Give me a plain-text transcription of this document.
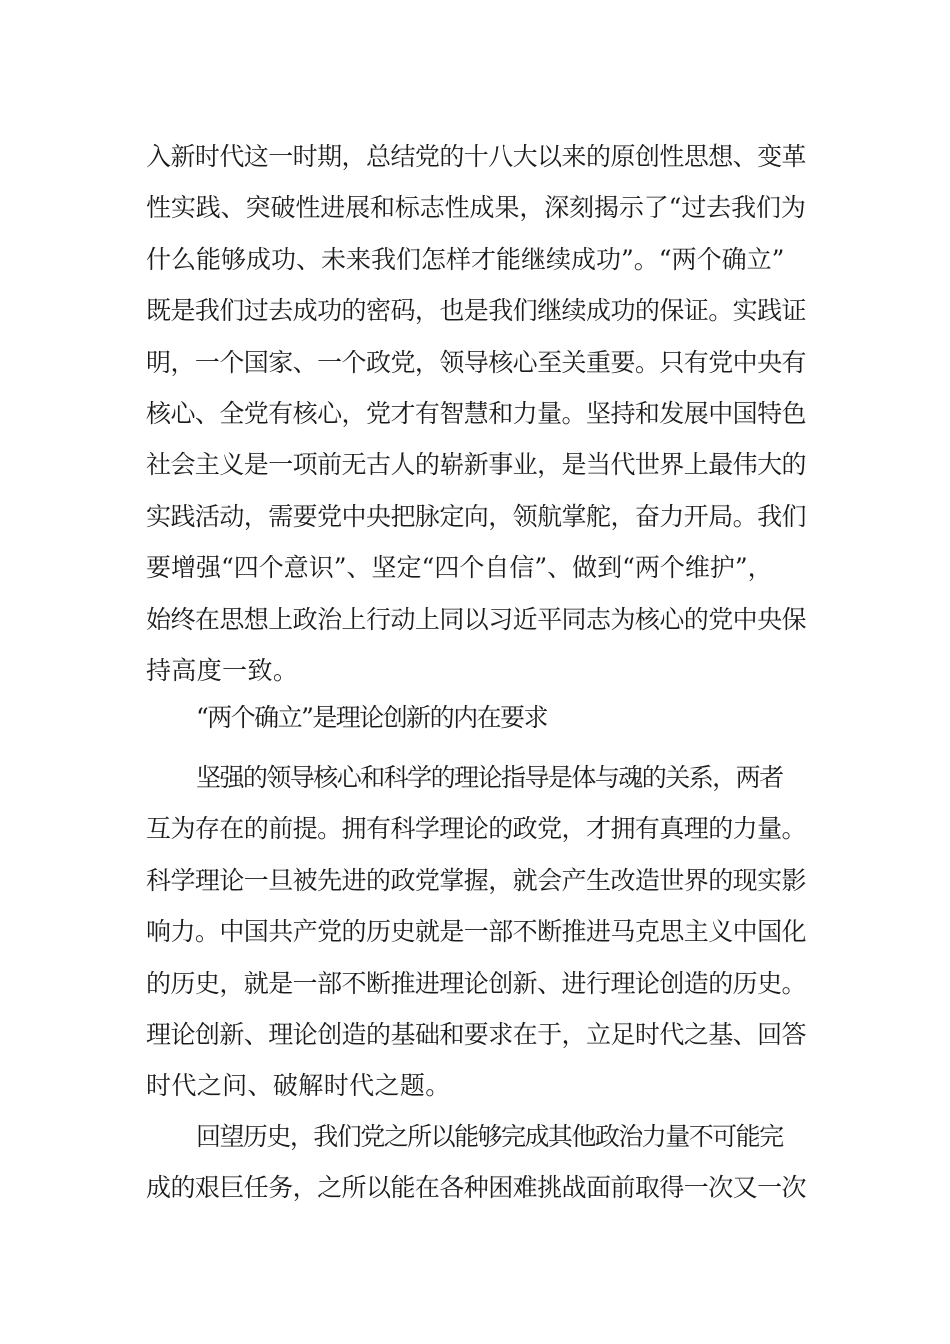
入新时代这一时期，总结党的十八大以来的原创性思想、变革
性实践、突破性进展和标志性成果，深刻揭示了“过去我们为
什么能够成功、未来我们怎样才能继续成功”。“两个确立”
既是我们过去成功的密码，也是我们继续成功的保证。实践证
明，一个国家、一个政党，领导核心至关重要。只有党中央有
核心、全党有核心，党才有智慧和力量。坚持和发展中国特色
社会主义是一项前无古人的崭新事业，是当代世界上最伟大的
实践活动，需要党中央把脉定向，领航掌舵，奋力开局。我们
要增强“四个意识”、坚定“四个自信”、做到“两个维护”，
始终在思想上政治上行动上同以习近平同志为核心的党中央保
持高度一致。
“两个确立”是理论创新的内在要求
坚强的领导核心和科学的理论指导是体与魂的关系，两者
互为存在的前提。拥有科学理论的政党，才拥有真理的力量。
科学理论一旦被先进的政党掌握，就会产生改造世界的现实影
响力。中国共产党的历史就是一部不断推进马克思主义中国化
的历史，就是一部不断推进理论创新、进行理论创造的历史。
理论创新、理论创造的基础和要求在于，立足时代之基、回答
时代之问、破解时代之题。
回望历史，我们党之所以能够完成其他政治力量不可能完
成的艰巨任务，之所以能在各种困难挑战面前取得一次又一次
